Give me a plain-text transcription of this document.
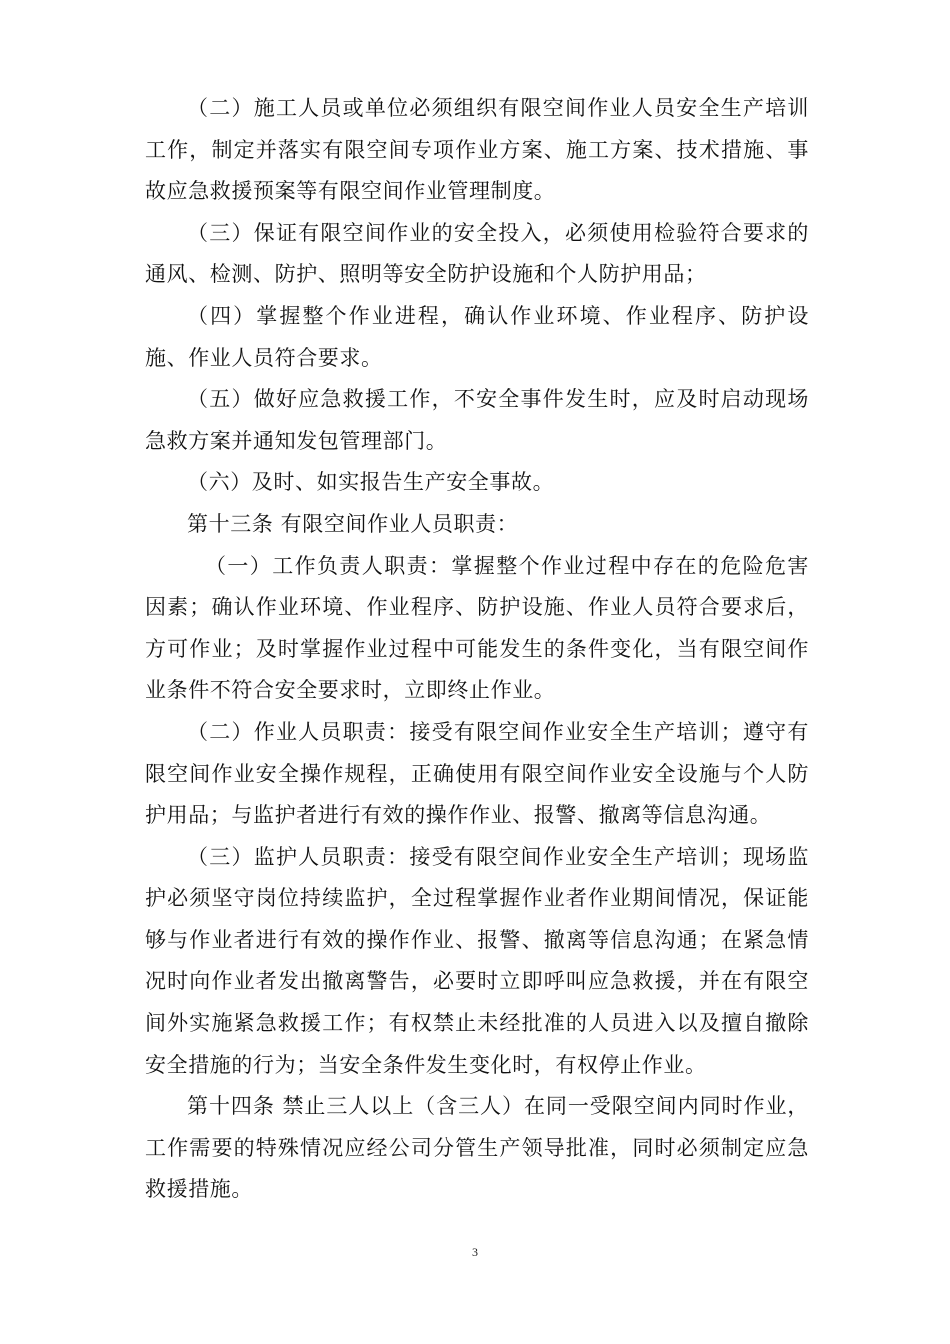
（二）施工人员或单位必须组织有限空间作业人员安全生产培训工作，制定并落实有限空间专项作业方案、施工方案、技术措施、事故应急救援预案等有限空间作业管理制度。

（三）保证有限空间作业的安全投入，必须使用检验符合要求的通风、检测、防护、照明等安全防护设施和个人防护用品；

（四）掌握整个作业进程，确认作业环境、作业程序、防护设施、作业人员符合要求。

（五）做好应急救援工作，不安全事件发生时，应及时启动现场急救方案并通知发包管理部门。

（六）及时、如实报告生产安全事故。

第十三条 有限空间作业人员职责：

（一）工作负责人职责：掌握整个作业过程中存在的危险危害因素；确认作业环境、作业程序、防护设施、作业人员符合要求后，方可作业；及时掌握作业过程中可能发生的条件变化，当有限空间作业条件不符合安全要求时，立即终止作业。

（二）作业人员职责：接受有限空间作业安全生产培训；遵守有限空间作业安全操作规程，正确使用有限空间作业安全设施与个人防护用品；与监护者进行有效的操作作业、报警、撤离等信息沟通。

（三）监护人员职责：接受有限空间作业安全生产培训；现场监护必须坚守岗位持续监护，全过程掌握作业者作业期间情况，保证能够与作业者进行有效的操作作业、报警、撤离等信息沟通；在紧急情况时向作业者发出撤离警告，必要时立即呼叫应急救援，并在有限空间外实施紧急救援工作；有权禁止未经批准的人员进入以及擅自撤除安全措施的行为；当安全条件发生变化时，有权停止作业。

第十四条 禁止三人以上（含三人）在同一受限空间内同时作业，工作需要的特殊情况应经公司分管生产领导批准，同时必须制定应急救援措施。

3
